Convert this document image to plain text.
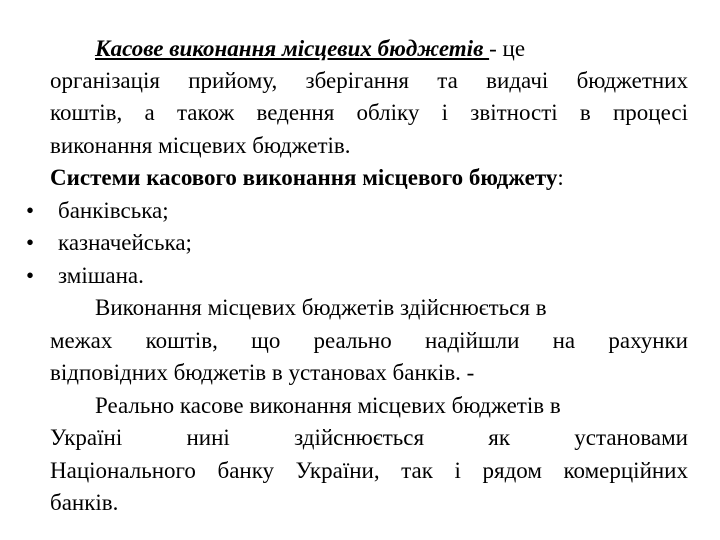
Касове виконання місцевих бюджетів - це
організація прийому, зберігання та видачі бюджетних
коштів, а також ведення обліку і звітності в процесі
виконання місцевих бюджетів.
Системи касового виконання місцевого бюджету:
• банківська;
• казначейська;
• змішана.
Виконання місцевих бюджетів здійснюється в
межах коштів, що реально надійшли на рахунки
відповідних бюджетів в установах банків. -
Реально касове виконання місцевих бюджетів в
Україні нині здійснюється як установами
Національного банку України, так і рядом комерційних
банків.
